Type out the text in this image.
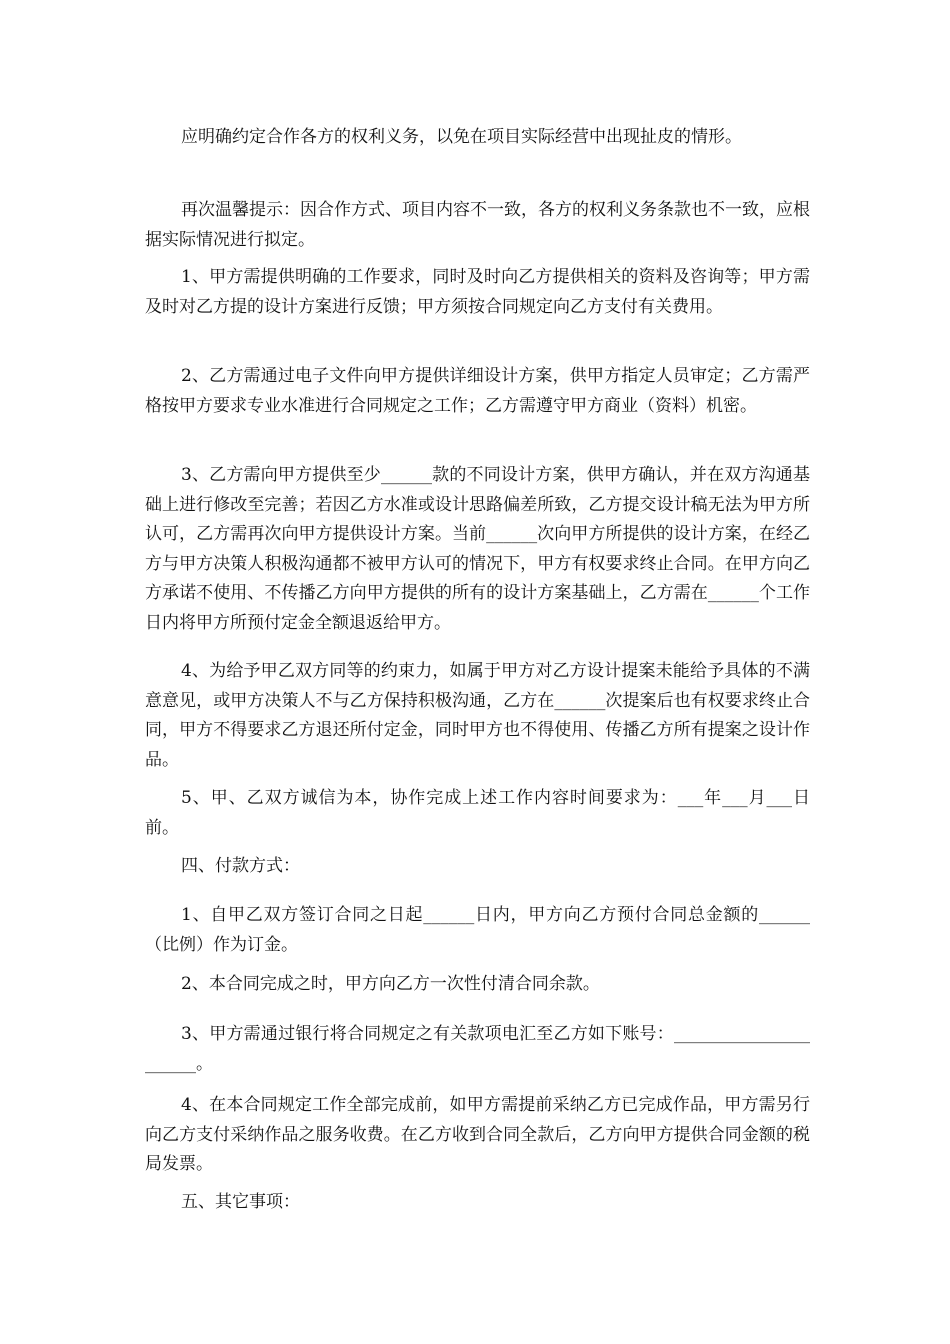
应明确约定合作各方的权利义务，以免在项目实际经营中出现扯皮的情形。

再次温馨提示：因合作方式、项目内容不一致，各方的权利义务条款也不一致，应根据实际情况进行拟定。

1、甲方需提供明确的工作要求，同时及时向乙方提供相关的资料及咨询等；甲方需及时对乙方提的设计方案进行反馈；甲方须按合同规定向乙方支付有关费用。

2、乙方需通过电子文件向甲方提供详细设计方案，供甲方指定人员审定；乙方需严格按甲方要求专业水准进行合同规定之工作；乙方需遵守甲方商业（资料）机密。

3、乙方需向甲方提供至少______款的不同设计方案，供甲方确认，并在双方沟通基础上进行修改至完善；若因乙方水准或设计思路偏差所致，乙方提交设计稿无法为甲方所认可，乙方需再次向甲方提供设计方案。当前______次向甲方所提供的设计方案，在经乙方与甲方决策人积极沟通都不被甲方认可的情况下，甲方有权要求终止合同。在甲方向乙方承诺不使用、不传播乙方向甲方提供的所有的设计方案基础上，乙方需在______个工作日内将甲方所预付定金全额退返给甲方。

4、为给予甲乙双方同等的约束力，如属于甲方对乙方设计提案未能给予具体的不满意意见，或甲方决策人不与乙方保持积极沟通，乙方在______次提案后也有权要求终止合同，甲方不得要求乙方退还所付定金，同时甲方也不得使用、传播乙方所有提案之设计作品。

5、甲、乙双方诚信为本，协作完成上述工作内容时间要求为：___年___月___日前。

四、付款方式：

1、自甲乙双方签订合同之日起______日内，甲方向乙方预付合同总金额的______（比例）作为订金。

2、本合同完成之时，甲方向乙方一次性付清合同余款。

3、甲方需通过银行将合同规定之有关款项电汇至乙方如下账号：______________________。

4、在本合同规定工作全部完成前，如甲方需提前采纳乙方已完成作品，甲方需另行向乙方支付采纳作品之服务收费。在乙方收到合同全款后，乙方向甲方提供合同金额的税局发票。

五、其它事项：
